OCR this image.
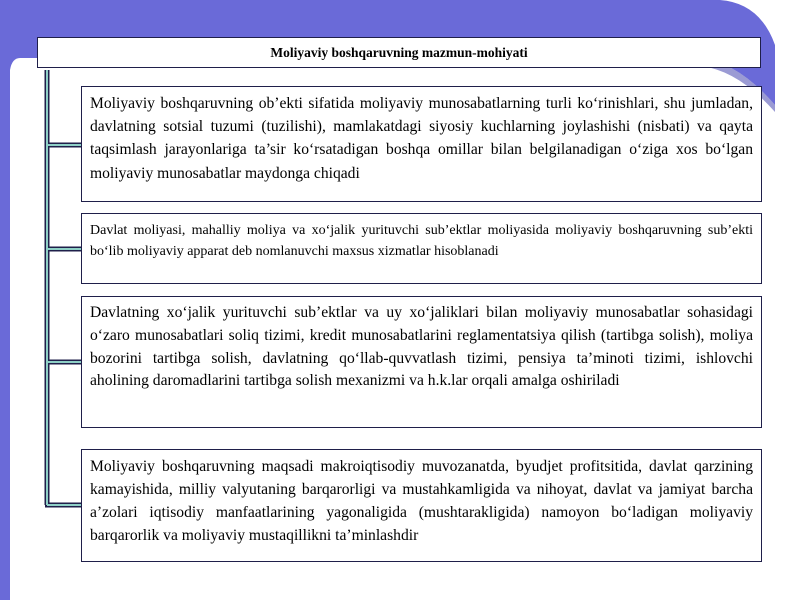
Moliyaviy boshqaruvning mazmun-mohiyati

Moliyaviy boshqaruvning ob’ekti sifatida moliyaviy munosabatlarning turli ko‘rinishlari, shu jumladan, davlatning sotsial tuzumi (tuzilishi), mamlakatdagi siyosiy kuchlarning joylashishi (nisbati) va qayta taqsimlash jarayonlariga ta’sir ko‘rsatadigan boshqa omillar bilan belgilanadigan o‘ziga xos bo‘lgan moliyaviy munosabatlar maydonga chiqadi

Davlat moliyasi, mahalliy moliya va xo‘jalik yurituvchi sub’ektlar moliyasida moliyaviy boshqaruvning sub’ekti bo‘lib moliyaviy apparat deb nomlanuvchi maxsus xizmatlar hisoblanadi

Davlatning xo‘jalik yurituvchi sub’ektlar va uy xo‘jaliklari bilan moliyaviy munosabatlar sohasidagi o‘zaro munosabatlari soliq tizimi, kredit munosabatlarini reglamentatsiya qilish (tartibga solish), moliya bozorini tartibga solish, davlatning qo‘llab-quvvatlash tizimi, pensiya ta’minoti tizimi, ishlovchi aholining daromadlarini tartibga solish mexanizmi va h.k.lar orqali amalga oshiriladi

Moliyaviy boshqaruvning maqsadi makroiqtisodiy muvozanatda, byudjet profitsitida, davlat qarzining kamayishida, milliy valyutaning barqarorligi va mustahkamligida va nihoyat, davlat va jamiyat barcha a’zolari iqtisodiy manfaatlarining yagonaligida (mushtarakligida) namoyon bo‘ladigan moliyaviy barqarorlik va moliyaviy mustaqillikni ta’minlashdir
